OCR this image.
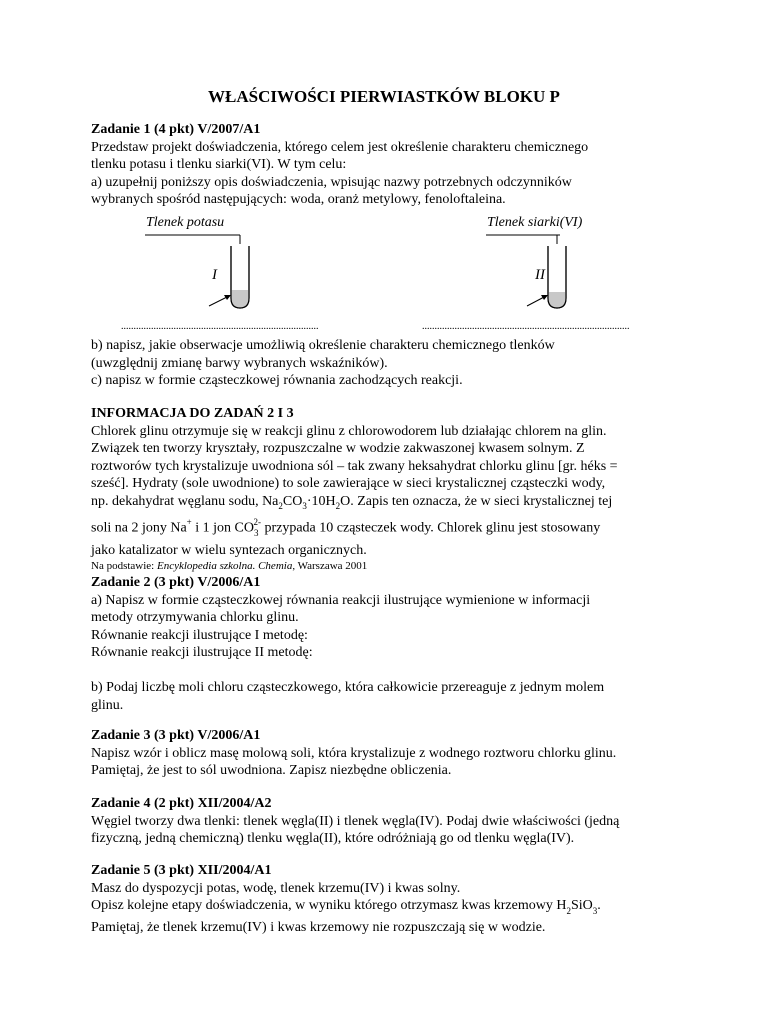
WŁAŚCIWOŚCI PIERWIASTKÓW BLOKU P

Zadanie 1 (4 pkt) V/2007/A1

Przedstaw projekt doświadczenia, którego celem jest określenie charakteru chemicznego

tlenku potasu i tlenku siarki(VI). W tym celu:

a) uzupełnij poniższy opis doświadczenia, wpisując nazwy potrzebnych odczynników

wybranych spośród następujących: woda, oranż metylowy, fenoloftaleina.

Tlenek potasu	Tlenek siarki(VI)
I	II
...............................................................................	...................................................................................

b) napisz, jakie obserwacje umożliwią określenie charakteru chemicznego tlenków

(uwzględnij zmianę barwy wybranych wskaźników).

c) napisz w formie cząsteczkowej równania zachodzących reakcji.

INFORMACJA DO ZADAŃ 2 I 3

Chlorek glinu otrzymuje się w reakcji glinu z chlorowodorem lub działając chlorem na glin.

Związek ten tworzy kryształy, rozpuszczalne w wodzie zakwaszonej kwasem solnym. Z

roztworów tych krystalizuje uwodniona sól – tak zwany heksahydrat chlorku glinu [gr. héks =

sześć]. Hydraty (sole uwodnione) to sole zawierające w sieci krystalicznej cząsteczki wody,

np. dekahydrat węglanu sodu, $Na_2CO_3\cdot 10H_2O$. Zapis ten oznacza, że w sieci krystalicznej tej

soli na 2 jony Na+ i 1 jon $CO_3^{2-}$ przypada 10 cząsteczek wody. Chlorek glinu jest stosowany

jako katalizator w wielu syntezach organicznych.

Na podstawie: Encyklopedia szkolna. Chemia, Warszawa 2001

Zadanie 2 (3 pkt) V/2006/A1

a) Napisz w formie cząsteczkowej równania reakcji ilustrujące wymienione w informacji

metody otrzymywania chlorku glinu.

Równanie reakcji ilustrujące I metodę:

Równanie reakcji ilustrujące II metodę:

b) Podaj liczbę moli chloru cząsteczkowego, która całkowicie przereaguje z jednym molem

glinu.

Zadanie 3 (3 pkt) V/2006/A1

Napisz wzór i oblicz masę molową soli, która krystalizuje z wodnego roztworu chlorku glinu.

Pamiętaj, że jest to sól uwodniona. Zapisz niezbędne obliczenia.

Zadanie 4 (2 pkt) XII/2004/A2

Węgiel tworzy dwa tlenki: tlenek węgla(II) i tlenek węgla(IV). Podaj dwie właściwości (jedną

fizyczną, jedną chemiczną) tlenku węgla(II), które odróżniają go od tlenku węgla(IV).

Zadanie 5 (3 pkt) XII/2004/A1

Masz do dyspozycji potas, wodę, tlenek krzemu(IV) i kwas solny.

Opisz kolejne etapy doświadczenia, w wyniku którego otrzymasz kwas krzemowy $H_2SiO_3$.

Pamiętaj, że tlenek krzemu(IV) i kwas krzemowy nie rozpuszczają się w wodzie.
